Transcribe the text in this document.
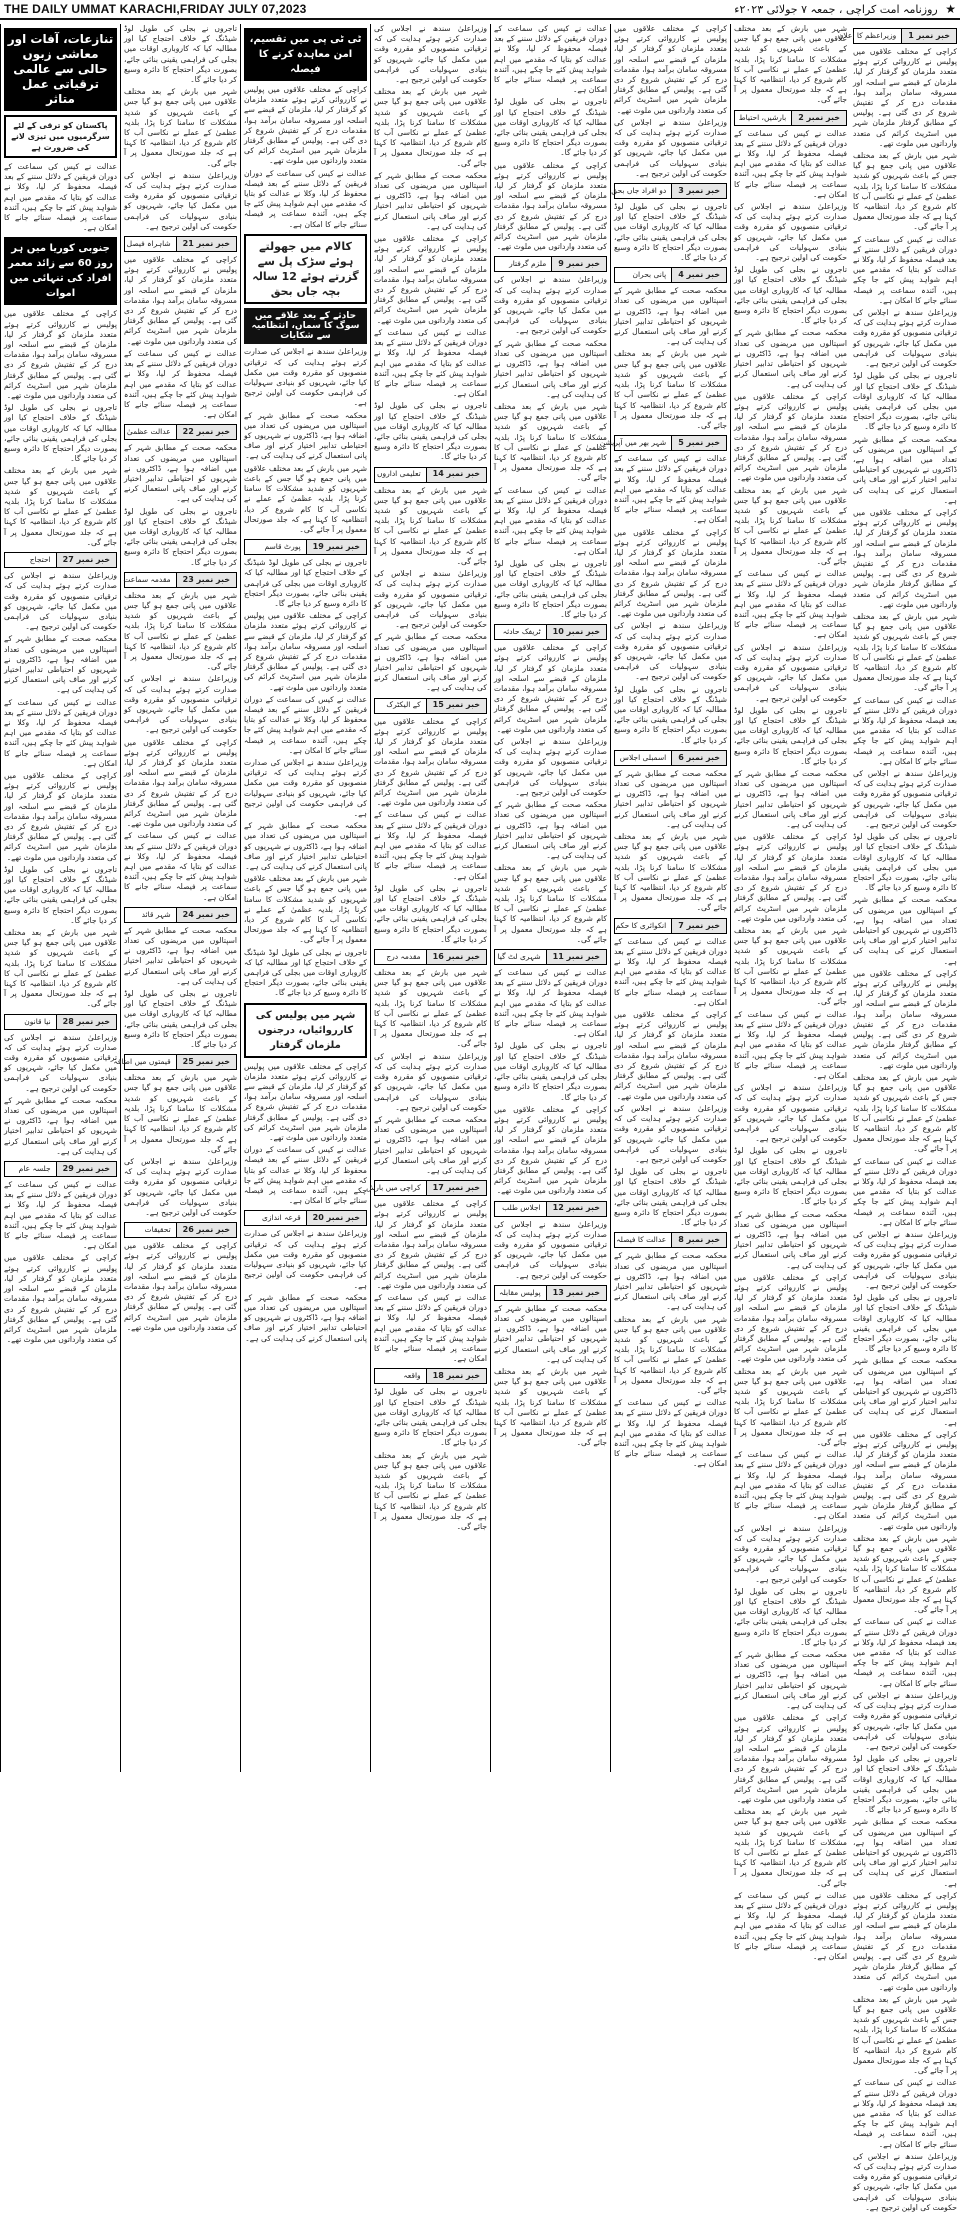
THE DAILY UMMAT KARACHI,FRIDAY JULY 07,2023	★ روزنامہ امت کراچی ، جمعہ ۷ جولائی ۲۰۲۳ء
خبر نمبر 1
وزیراعظم کا اعلان

کراچی کے مختلف علاقوں میں پولیس نے کارروائی کرتے ہوئے متعدد ملزمان کو گرفتار کر لیا، ملزمان کے قبضے سے اسلحہ اور مسروقہ سامان برآمد ہوا، مقدمات درج کر کے تفتیش شروع کر دی گئی ہے۔ پولیس کے مطابق گرفتار ملزمان شہر میں اسٹریٹ کرائم کی متعدد وارداتوں میں ملوث تھے۔

شہر میں بارش کے بعد مختلف علاقوں میں پانی جمع ہو گیا جس کے باعث شہریوں کو شدید مشکلات کا سامنا کرنا پڑا، بلدیہ عظمیٰ کے عملے نے نکاسی آب کا کام شروع کر دیا، انتظامیہ کا کہنا ہے کہ جلد صورتحال معمول پر آ جائے گی۔

عدالت نے کیس کی سماعت کے دوران فریقین کے دلائل سننے کے بعد فیصلہ محفوظ کر لیا، وکلا نے عدالت کو بتایا کہ مقدمے میں اہم شواہد پیش کئے جا چکے ہیں، آئندہ سماعت پر فیصلہ سنائے جانے کا امکان ہے۔

وزیراعلیٰ سندھ نے اجلاس کی صدارت کرتے ہوئے ہدایت کی کہ ترقیاتی منصوبوں کو مقررہ وقت میں مکمل کیا جائے، شہریوں کو بنیادی سہولیات کی فراہمی حکومت کی اولین ترجیح ہے۔

تاجروں نے بجلی کی طویل لوڈ شیڈنگ کے خلاف احتجاج کیا اور مطالبہ کیا کہ کاروباری اوقات میں بجلی کی فراہمی یقینی بنائی جائے، بصورت دیگر احتجاج کا دائرہ وسیع کر دیا جائے گا۔

محکمہ صحت کے مطابق شہر کے اسپتالوں میں مریضوں کی تعداد میں اضافہ ہوا ہے، ڈاکٹروں نے شہریوں کو احتیاطی تدابیر اختیار کرنے اور صاف پانی استعمال کرنے کی ہدایت کی ہے۔

کراچی کے مختلف علاقوں میں پولیس نے کارروائی کرتے ہوئے متعدد ملزمان کو گرفتار کر لیا، ملزمان کے قبضے سے اسلحہ اور مسروقہ سامان برآمد ہوا، مقدمات درج کر کے تفتیش شروع کر دی گئی ہے۔ پولیس کے مطابق گرفتار ملزمان شہر میں اسٹریٹ کرائم کی متعدد وارداتوں میں ملوث تھے۔

شہر میں بارش کے بعد مختلف علاقوں میں پانی جمع ہو گیا جس کے باعث شہریوں کو شدید مشکلات کا سامنا کرنا پڑا، بلدیہ عظمیٰ کے عملے نے نکاسی آب کا کام شروع کر دیا، انتظامیہ کا کہنا ہے کہ جلد صورتحال معمول پر آ جائے گی۔

عدالت نے کیس کی سماعت کے دوران فریقین کے دلائل سننے کے بعد فیصلہ محفوظ کر لیا، وکلا نے عدالت کو بتایا کہ مقدمے میں اہم شواہد پیش کئے جا چکے ہیں، آئندہ سماعت پر فیصلہ سنائے جانے کا امکان ہے۔

وزیراعلیٰ سندھ نے اجلاس کی صدارت کرتے ہوئے ہدایت کی کہ ترقیاتی منصوبوں کو مقررہ وقت میں مکمل کیا جائے، شہریوں کو بنیادی سہولیات کی فراہمی حکومت کی اولین ترجیح ہے۔

تاجروں نے بجلی کی طویل لوڈ شیڈنگ کے خلاف احتجاج کیا اور مطالبہ کیا کہ کاروباری اوقات میں بجلی کی فراہمی یقینی بنائی جائے، بصورت دیگر احتجاج کا دائرہ وسیع کر دیا جائے گا۔

محکمہ صحت کے مطابق شہر کے اسپتالوں میں مریضوں کی تعداد میں اضافہ ہوا ہے، ڈاکٹروں نے شہریوں کو احتیاطی تدابیر اختیار کرنے اور صاف پانی استعمال کرنے کی ہدایت کی ہے۔

کراچی کے مختلف علاقوں میں پولیس نے کارروائی کرتے ہوئے متعدد ملزمان کو گرفتار کر لیا، ملزمان کے قبضے سے اسلحہ اور مسروقہ سامان برآمد ہوا، مقدمات درج کر کے تفتیش شروع کر دی گئی ہے۔ پولیس کے مطابق گرفتار ملزمان شہر میں اسٹریٹ کرائم کی متعدد وارداتوں میں ملوث تھے۔

شہر میں بارش کے بعد مختلف علاقوں میں پانی جمع ہو گیا جس کے باعث شہریوں کو شدید مشکلات کا سامنا کرنا پڑا، بلدیہ عظمیٰ کے عملے نے نکاسی آب کا کام شروع کر دیا، انتظامیہ کا کہنا ہے کہ جلد صورتحال معمول پر آ جائے گی۔

عدالت نے کیس کی سماعت کے دوران فریقین کے دلائل سننے کے بعد فیصلہ محفوظ کر لیا، وکلا نے عدالت کو بتایا کہ مقدمے میں اہم شواہد پیش کئے جا چکے ہیں، آئندہ سماعت پر فیصلہ سنائے جانے کا امکان ہے۔

وزیراعلیٰ سندھ نے اجلاس کی صدارت کرتے ہوئے ہدایت کی کہ ترقیاتی منصوبوں کو مقررہ وقت میں مکمل کیا جائے، شہریوں کو بنیادی سہولیات کی فراہمی حکومت کی اولین ترجیح ہے۔

تاجروں نے بجلی کی طویل لوڈ شیڈنگ کے خلاف احتجاج کیا اور مطالبہ کیا کہ کاروباری اوقات میں بجلی کی فراہمی یقینی بنائی جائے، بصورت دیگر احتجاج کا دائرہ وسیع کر دیا جائے گا۔

محکمہ صحت کے مطابق شہر کے اسپتالوں میں مریضوں کی تعداد میں اضافہ ہوا ہے، ڈاکٹروں نے شہریوں کو احتیاطی تدابیر اختیار کرنے اور صاف پانی استعمال کرنے کی ہدایت کی ہے۔

کراچی کے مختلف علاقوں میں پولیس نے کارروائی کرتے ہوئے متعدد ملزمان کو گرفتار کر لیا، ملزمان کے قبضے سے اسلحہ اور مسروقہ سامان برآمد ہوا، مقدمات درج کر کے تفتیش شروع کر دی گئی ہے۔ پولیس کے مطابق گرفتار ملزمان شہر میں اسٹریٹ کرائم کی متعدد وارداتوں میں ملوث تھے۔

شہر میں بارش کے بعد مختلف علاقوں میں پانی جمع ہو گیا جس کے باعث شہریوں کو شدید مشکلات کا سامنا کرنا پڑا، بلدیہ عظمیٰ کے عملے نے نکاسی آب کا کام شروع کر دیا، انتظامیہ کا کہنا ہے کہ جلد صورتحال معمول پر آ جائے گی۔

عدالت نے کیس کی سماعت کے دوران فریقین کے دلائل سننے کے بعد فیصلہ محفوظ کر لیا، وکلا نے عدالت کو بتایا کہ مقدمے میں اہم شواہد پیش کئے جا چکے ہیں، آئندہ سماعت پر فیصلہ سنائے جانے کا امکان ہے۔

وزیراعلیٰ سندھ نے اجلاس کی صدارت کرتے ہوئے ہدایت کی کہ ترقیاتی منصوبوں کو مقررہ وقت میں مکمل کیا جائے، شہریوں کو بنیادی سہولیات کی فراہمی حکومت کی اولین ترجیح ہے۔

تاجروں نے بجلی کی طویل لوڈ شیڈنگ کے خلاف احتجاج کیا اور مطالبہ کیا کہ کاروباری اوقات میں بجلی کی فراہمی یقینی بنائی جائے، بصورت دیگر احتجاج کا دائرہ وسیع کر دیا جائے گا۔

محکمہ صحت کے مطابق شہر کے اسپتالوں میں مریضوں کی تعداد میں اضافہ ہوا ہے، ڈاکٹروں نے شہریوں کو احتیاطی تدابیر اختیار کرنے اور صاف پانی استعمال کرنے کی ہدایت کی ہے۔

کراچی کے مختلف علاقوں میں پولیس نے کارروائی کرتے ہوئے متعدد ملزمان کو گرفتار کر لیا، ملزمان کے قبضے سے اسلحہ اور مسروقہ سامان برآمد ہوا، مقدمات درج کر کے تفتیش شروع کر دی گئی ہے۔ پولیس کے مطابق گرفتار ملزمان شہر میں اسٹریٹ کرائم کی متعدد وارداتوں میں ملوث تھے۔

شہر میں بارش کے بعد مختلف علاقوں میں پانی جمع ہو گیا جس کے باعث شہریوں کو شدید مشکلات کا سامنا کرنا پڑا، بلدیہ عظمیٰ کے عملے نے نکاسی آب کا کام شروع کر دیا، انتظامیہ کا کہنا ہے کہ جلد صورتحال معمول پر آ جائے گی۔

عدالت نے کیس کی سماعت کے دوران فریقین کے دلائل سننے کے بعد فیصلہ محفوظ کر لیا، وکلا نے عدالت کو بتایا کہ مقدمے میں اہم شواہد پیش کئے جا چکے ہیں، آئندہ سماعت پر فیصلہ سنائے جانے کا امکان ہے۔

وزیراعلیٰ سندھ نے اجلاس کی صدارت کرتے ہوئے ہدایت کی کہ ترقیاتی منصوبوں کو مقررہ وقت میں مکمل کیا جائے، شہریوں کو بنیادی سہولیات کی فراہمی حکومت کی اولین ترجیح ہے۔

شہر میں بارش کے بعد مختلف علاقوں میں پانی جمع ہو گیا جس کے باعث شہریوں کو شدید مشکلات کا سامنا کرنا پڑا، بلدیہ عظمیٰ کے عملے نے نکاسی آب کا کام شروع کر دیا، انتظامیہ کا کہنا ہے کہ جلد صورتحال معمول پر آ جائے گی۔

خبر نمبر 2
بارشیں، احتیاط

عدالت نے کیس کی سماعت کے دوران فریقین کے دلائل سننے کے بعد فیصلہ محفوظ کر لیا، وکلا نے عدالت کو بتایا کہ مقدمے میں اہم شواہد پیش کئے جا چکے ہیں، آئندہ سماعت پر فیصلہ سنائے جانے کا امکان ہے۔

وزیراعلیٰ سندھ نے اجلاس کی صدارت کرتے ہوئے ہدایت کی کہ ترقیاتی منصوبوں کو مقررہ وقت میں مکمل کیا جائے، شہریوں کو بنیادی سہولیات کی فراہمی حکومت کی اولین ترجیح ہے۔

تاجروں نے بجلی کی طویل لوڈ شیڈنگ کے خلاف احتجاج کیا اور مطالبہ کیا کہ کاروباری اوقات میں بجلی کی فراہمی یقینی بنائی جائے، بصورت دیگر احتجاج کا دائرہ وسیع کر دیا جائے گا۔

محکمہ صحت کے مطابق شہر کے اسپتالوں میں مریضوں کی تعداد میں اضافہ ہوا ہے، ڈاکٹروں نے شہریوں کو احتیاطی تدابیر اختیار کرنے اور صاف پانی استعمال کرنے کی ہدایت کی ہے۔

کراچی کے مختلف علاقوں میں پولیس نے کارروائی کرتے ہوئے متعدد ملزمان کو گرفتار کر لیا، ملزمان کے قبضے سے اسلحہ اور مسروقہ سامان برآمد ہوا، مقدمات درج کر کے تفتیش شروع کر دی گئی ہے۔ پولیس کے مطابق گرفتار ملزمان شہر میں اسٹریٹ کرائم کی متعدد وارداتوں میں ملوث تھے۔

شہر میں بارش کے بعد مختلف علاقوں میں پانی جمع ہو گیا جس کے باعث شہریوں کو شدید مشکلات کا سامنا کرنا پڑا، بلدیہ عظمیٰ کے عملے نے نکاسی آب کا کام شروع کر دیا، انتظامیہ کا کہنا ہے کہ جلد صورتحال معمول پر آ جائے گی۔

عدالت نے کیس کی سماعت کے دوران فریقین کے دلائل سننے کے بعد فیصلہ محفوظ کر لیا، وکلا نے عدالت کو بتایا کہ مقدمے میں اہم شواہد پیش کئے جا چکے ہیں، آئندہ سماعت پر فیصلہ سنائے جانے کا امکان ہے۔

وزیراعلیٰ سندھ نے اجلاس کی صدارت کرتے ہوئے ہدایت کی کہ ترقیاتی منصوبوں کو مقررہ وقت میں مکمل کیا جائے، شہریوں کو بنیادی سہولیات کی فراہمی حکومت کی اولین ترجیح ہے۔

تاجروں نے بجلی کی طویل لوڈ شیڈنگ کے خلاف احتجاج کیا اور مطالبہ کیا کہ کاروباری اوقات میں بجلی کی فراہمی یقینی بنائی جائے، بصورت دیگر احتجاج کا دائرہ وسیع کر دیا جائے گا۔

محکمہ صحت کے مطابق شہر کے اسپتالوں میں مریضوں کی تعداد میں اضافہ ہوا ہے، ڈاکٹروں نے شہریوں کو احتیاطی تدابیر اختیار کرنے اور صاف پانی استعمال کرنے کی ہدایت کی ہے۔

کراچی کے مختلف علاقوں میں پولیس نے کارروائی کرتے ہوئے متعدد ملزمان کو گرفتار کر لیا، ملزمان کے قبضے سے اسلحہ اور مسروقہ سامان برآمد ہوا، مقدمات درج کر کے تفتیش شروع کر دی گئی ہے۔ پولیس کے مطابق گرفتار ملزمان شہر میں اسٹریٹ کرائم کی متعدد وارداتوں میں ملوث تھے۔

شہر میں بارش کے بعد مختلف علاقوں میں پانی جمع ہو گیا جس کے باعث شہریوں کو شدید مشکلات کا سامنا کرنا پڑا، بلدیہ عظمیٰ کے عملے نے نکاسی آب کا کام شروع کر دیا، انتظامیہ کا کہنا ہے کہ جلد صورتحال معمول پر آ جائے گی۔

عدالت نے کیس کی سماعت کے دوران فریقین کے دلائل سننے کے بعد فیصلہ محفوظ کر لیا، وکلا نے عدالت کو بتایا کہ مقدمے میں اہم شواہد پیش کئے جا چکے ہیں، آئندہ سماعت پر فیصلہ سنائے جانے کا امکان ہے۔

وزیراعلیٰ سندھ نے اجلاس کی صدارت کرتے ہوئے ہدایت کی کہ ترقیاتی منصوبوں کو مقررہ وقت میں مکمل کیا جائے، شہریوں کو بنیادی سہولیات کی فراہمی حکومت کی اولین ترجیح ہے۔

تاجروں نے بجلی کی طویل لوڈ شیڈنگ کے خلاف احتجاج کیا اور مطالبہ کیا کہ کاروباری اوقات میں بجلی کی فراہمی یقینی بنائی جائے، بصورت دیگر احتجاج کا دائرہ وسیع کر دیا جائے گا۔

محکمہ صحت کے مطابق شہر کے اسپتالوں میں مریضوں کی تعداد میں اضافہ ہوا ہے، ڈاکٹروں نے شہریوں کو احتیاطی تدابیر اختیار کرنے اور صاف پانی استعمال کرنے کی ہدایت کی ہے۔

کراچی کے مختلف علاقوں میں پولیس نے کارروائی کرتے ہوئے متعدد ملزمان کو گرفتار کر لیا، ملزمان کے قبضے سے اسلحہ اور مسروقہ سامان برآمد ہوا، مقدمات درج کر کے تفتیش شروع کر دی گئی ہے۔ پولیس کے مطابق گرفتار ملزمان شہر میں اسٹریٹ کرائم کی متعدد وارداتوں میں ملوث تھے۔

شہر میں بارش کے بعد مختلف علاقوں میں پانی جمع ہو گیا جس کے باعث شہریوں کو شدید مشکلات کا سامنا کرنا پڑا، بلدیہ عظمیٰ کے عملے نے نکاسی آب کا کام شروع کر دیا، انتظامیہ کا کہنا ہے کہ جلد صورتحال معمول پر آ جائے گی۔

عدالت نے کیس کی سماعت کے دوران فریقین کے دلائل سننے کے بعد فیصلہ محفوظ کر لیا، وکلا نے عدالت کو بتایا کہ مقدمے میں اہم شواہد پیش کئے جا چکے ہیں، آئندہ سماعت پر فیصلہ سنائے جانے کا امکان ہے۔

وزیراعلیٰ سندھ نے اجلاس کی صدارت کرتے ہوئے ہدایت کی کہ ترقیاتی منصوبوں کو مقررہ وقت میں مکمل کیا جائے، شہریوں کو بنیادی سہولیات کی فراہمی حکومت کی اولین ترجیح ہے۔

تاجروں نے بجلی کی طویل لوڈ شیڈنگ کے خلاف احتجاج کیا اور مطالبہ کیا کہ کاروباری اوقات میں بجلی کی فراہمی یقینی بنائی جائے، بصورت دیگر احتجاج کا دائرہ وسیع کر دیا جائے گا۔

محکمہ صحت کے مطابق شہر کے اسپتالوں میں مریضوں کی تعداد میں اضافہ ہوا ہے، ڈاکٹروں نے شہریوں کو احتیاطی تدابیر اختیار کرنے اور صاف پانی استعمال کرنے کی ہدایت کی ہے۔

کراچی کے مختلف علاقوں میں پولیس نے کارروائی کرتے ہوئے متعدد ملزمان کو گرفتار کر لیا، ملزمان کے قبضے سے اسلحہ اور مسروقہ سامان برآمد ہوا، مقدمات درج کر کے تفتیش شروع کر دی گئی ہے۔ پولیس کے مطابق گرفتار ملزمان شہر میں اسٹریٹ کرائم کی متعدد وارداتوں میں ملوث تھے۔

شہر میں بارش کے بعد مختلف علاقوں میں پانی جمع ہو گیا جس کے باعث شہریوں کو شدید مشکلات کا سامنا کرنا پڑا، بلدیہ عظمیٰ کے عملے نے نکاسی آب کا کام شروع کر دیا، انتظامیہ کا کہنا ہے کہ جلد صورتحال معمول پر آ جائے گی۔

عدالت نے کیس کی سماعت کے دوران فریقین کے دلائل سننے کے بعد فیصلہ محفوظ کر لیا، وکلا نے عدالت کو بتایا کہ مقدمے میں اہم شواہد پیش کئے جا چکے ہیں، آئندہ سماعت پر فیصلہ سنائے جانے کا امکان ہے۔

کراچی کے مختلف علاقوں میں پولیس نے کارروائی کرتے ہوئے متعدد ملزمان کو گرفتار کر لیا، ملزمان کے قبضے سے اسلحہ اور مسروقہ سامان برآمد ہوا، مقدمات درج کر کے تفتیش شروع کر دی گئی ہے۔ پولیس کے مطابق گرفتار ملزمان شہر میں اسٹریٹ کرائم کی متعدد وارداتوں میں ملوث تھے۔

وزیراعلیٰ سندھ نے اجلاس کی صدارت کرتے ہوئے ہدایت کی کہ ترقیاتی منصوبوں کو مقررہ وقت میں مکمل کیا جائے، شہریوں کو بنیادی سہولیات کی فراہمی حکومت کی اولین ترجیح ہے۔

خبر نمبر 3
دو افراد جاں بحق

تاجروں نے بجلی کی طویل لوڈ شیڈنگ کے خلاف احتجاج کیا اور مطالبہ کیا کہ کاروباری اوقات میں بجلی کی فراہمی یقینی بنائی جائے، بصورت دیگر احتجاج کا دائرہ وسیع کر دیا جائے گا۔

خبر نمبر 4
پانی بحران

محکمہ صحت کے مطابق شہر کے اسپتالوں میں مریضوں کی تعداد میں اضافہ ہوا ہے، ڈاکٹروں نے شہریوں کو احتیاطی تدابیر اختیار کرنے اور صاف پانی استعمال کرنے کی ہدایت کی ہے۔

شہر میں بارش کے بعد مختلف علاقوں میں پانی جمع ہو گیا جس کے باعث شہریوں کو شدید مشکلات کا سامنا کرنا پڑا، بلدیہ عظمیٰ کے عملے نے نکاسی آب کا کام شروع کر دیا، انتظامیہ کا کہنا ہے کہ جلد صورتحال معمول پر آ جائے گی۔

خبر نمبر 5
شہر بھر میں آپریشن

عدالت نے کیس کی سماعت کے دوران فریقین کے دلائل سننے کے بعد فیصلہ محفوظ کر لیا، وکلا نے عدالت کو بتایا کہ مقدمے میں اہم شواہد پیش کئے جا چکے ہیں، آئندہ سماعت پر فیصلہ سنائے جانے کا امکان ہے۔

کراچی کے مختلف علاقوں میں پولیس نے کارروائی کرتے ہوئے متعدد ملزمان کو گرفتار کر لیا، ملزمان کے قبضے سے اسلحہ اور مسروقہ سامان برآمد ہوا، مقدمات درج کر کے تفتیش شروع کر دی گئی ہے۔ پولیس کے مطابق گرفتار ملزمان شہر میں اسٹریٹ کرائم کی متعدد وارداتوں میں ملوث تھے۔

وزیراعلیٰ سندھ نے اجلاس کی صدارت کرتے ہوئے ہدایت کی کہ ترقیاتی منصوبوں کو مقررہ وقت میں مکمل کیا جائے، شہریوں کو بنیادی سہولیات کی فراہمی حکومت کی اولین ترجیح ہے۔

تاجروں نے بجلی کی طویل لوڈ شیڈنگ کے خلاف احتجاج کیا اور مطالبہ کیا کہ کاروباری اوقات میں بجلی کی فراہمی یقینی بنائی جائے، بصورت دیگر احتجاج کا دائرہ وسیع کر دیا جائے گا۔

خبر نمبر 6
اسمبلی اجلاس

محکمہ صحت کے مطابق شہر کے اسپتالوں میں مریضوں کی تعداد میں اضافہ ہوا ہے، ڈاکٹروں نے شہریوں کو احتیاطی تدابیر اختیار کرنے اور صاف پانی استعمال کرنے کی ہدایت کی ہے۔

شہر میں بارش کے بعد مختلف علاقوں میں پانی جمع ہو گیا جس کے باعث شہریوں کو شدید مشکلات کا سامنا کرنا پڑا، بلدیہ عظمیٰ کے عملے نے نکاسی آب کا کام شروع کر دیا، انتظامیہ کا کہنا ہے کہ جلد صورتحال معمول پر آ جائے گی۔

خبر نمبر 7
انکوائری کا حکم

عدالت نے کیس کی سماعت کے دوران فریقین کے دلائل سننے کے بعد فیصلہ محفوظ کر لیا، وکلا نے عدالت کو بتایا کہ مقدمے میں اہم شواہد پیش کئے جا چکے ہیں، آئندہ سماعت پر فیصلہ سنائے جانے کا امکان ہے۔

کراچی کے مختلف علاقوں میں پولیس نے کارروائی کرتے ہوئے متعدد ملزمان کو گرفتار کر لیا، ملزمان کے قبضے سے اسلحہ اور مسروقہ سامان برآمد ہوا، مقدمات درج کر کے تفتیش شروع کر دی گئی ہے۔ پولیس کے مطابق گرفتار ملزمان شہر میں اسٹریٹ کرائم کی متعدد وارداتوں میں ملوث تھے۔

وزیراعلیٰ سندھ نے اجلاس کی صدارت کرتے ہوئے ہدایت کی کہ ترقیاتی منصوبوں کو مقررہ وقت میں مکمل کیا جائے، شہریوں کو بنیادی سہولیات کی فراہمی حکومت کی اولین ترجیح ہے۔

تاجروں نے بجلی کی طویل لوڈ شیڈنگ کے خلاف احتجاج کیا اور مطالبہ کیا کہ کاروباری اوقات میں بجلی کی فراہمی یقینی بنائی جائے، بصورت دیگر احتجاج کا دائرہ وسیع کر دیا جائے گا۔

خبر نمبر 8
عدالت کا فیصلہ

محکمہ صحت کے مطابق شہر کے اسپتالوں میں مریضوں کی تعداد میں اضافہ ہوا ہے، ڈاکٹروں نے شہریوں کو احتیاطی تدابیر اختیار کرنے اور صاف پانی استعمال کرنے کی ہدایت کی ہے۔

شہر میں بارش کے بعد مختلف علاقوں میں پانی جمع ہو گیا جس کے باعث شہریوں کو شدید مشکلات کا سامنا کرنا پڑا، بلدیہ عظمیٰ کے عملے نے نکاسی آب کا کام شروع کر دیا، انتظامیہ کا کہنا ہے کہ جلد صورتحال معمول پر آ جائے گی۔

عدالت نے کیس کی سماعت کے دوران فریقین کے دلائل سننے کے بعد فیصلہ محفوظ کر لیا، وکلا نے عدالت کو بتایا کہ مقدمے میں اہم شواہد پیش کئے جا چکے ہیں، آئندہ سماعت پر فیصلہ سنائے جانے کا امکان ہے۔

عدالت نے کیس کی سماعت کے دوران فریقین کے دلائل سننے کے بعد فیصلہ محفوظ کر لیا، وکلا نے عدالت کو بتایا کہ مقدمے میں اہم شواہد پیش کئے جا چکے ہیں، آئندہ سماعت پر فیصلہ سنائے جانے کا امکان ہے۔

تاجروں نے بجلی کی طویل لوڈ شیڈنگ کے خلاف احتجاج کیا اور مطالبہ کیا کہ کاروباری اوقات میں بجلی کی فراہمی یقینی بنائی جائے، بصورت دیگر احتجاج کا دائرہ وسیع کر دیا جائے گا۔

کراچی کے مختلف علاقوں میں پولیس نے کارروائی کرتے ہوئے متعدد ملزمان کو گرفتار کر لیا، ملزمان کے قبضے سے اسلحہ اور مسروقہ سامان برآمد ہوا، مقدمات درج کر کے تفتیش شروع کر دی گئی ہے۔ پولیس کے مطابق گرفتار ملزمان شہر میں اسٹریٹ کرائم کی متعدد وارداتوں میں ملوث تھے۔

خبر نمبر 9
ملزم گرفتار

وزیراعلیٰ سندھ نے اجلاس کی صدارت کرتے ہوئے ہدایت کی کہ ترقیاتی منصوبوں کو مقررہ وقت میں مکمل کیا جائے، شہریوں کو بنیادی سہولیات کی فراہمی حکومت کی اولین ترجیح ہے۔

محکمہ صحت کے مطابق شہر کے اسپتالوں میں مریضوں کی تعداد میں اضافہ ہوا ہے، ڈاکٹروں نے شہریوں کو احتیاطی تدابیر اختیار کرنے اور صاف پانی استعمال کرنے کی ہدایت کی ہے۔

شہر میں بارش کے بعد مختلف علاقوں میں پانی جمع ہو گیا جس کے باعث شہریوں کو شدید مشکلات کا سامنا کرنا پڑا، بلدیہ عظمیٰ کے عملے نے نکاسی آب کا کام شروع کر دیا، انتظامیہ کا کہنا ہے کہ جلد صورتحال معمول پر آ جائے گی۔

عدالت نے کیس کی سماعت کے دوران فریقین کے دلائل سننے کے بعد فیصلہ محفوظ کر لیا، وکلا نے عدالت کو بتایا کہ مقدمے میں اہم شواہد پیش کئے جا چکے ہیں، آئندہ سماعت پر فیصلہ سنائے جانے کا امکان ہے۔

تاجروں نے بجلی کی طویل لوڈ شیڈنگ کے خلاف احتجاج کیا اور مطالبہ کیا کہ کاروباری اوقات میں بجلی کی فراہمی یقینی بنائی جائے، بصورت دیگر احتجاج کا دائرہ وسیع کر دیا جائے گا۔

خبر نمبر 10
ٹریفک حادثہ

کراچی کے مختلف علاقوں میں پولیس نے کارروائی کرتے ہوئے متعدد ملزمان کو گرفتار کر لیا، ملزمان کے قبضے سے اسلحہ اور مسروقہ سامان برآمد ہوا، مقدمات درج کر کے تفتیش شروع کر دی گئی ہے۔ پولیس کے مطابق گرفتار ملزمان شہر میں اسٹریٹ کرائم کی متعدد وارداتوں میں ملوث تھے۔

وزیراعلیٰ سندھ نے اجلاس کی صدارت کرتے ہوئے ہدایت کی کہ ترقیاتی منصوبوں کو مقررہ وقت میں مکمل کیا جائے، شہریوں کو بنیادی سہولیات کی فراہمی حکومت کی اولین ترجیح ہے۔

محکمہ صحت کے مطابق شہر کے اسپتالوں میں مریضوں کی تعداد میں اضافہ ہوا ہے، ڈاکٹروں نے شہریوں کو احتیاطی تدابیر اختیار کرنے اور صاف پانی استعمال کرنے کی ہدایت کی ہے۔

شہر میں بارش کے بعد مختلف علاقوں میں پانی جمع ہو گیا جس کے باعث شہریوں کو شدید مشکلات کا سامنا کرنا پڑا، بلدیہ عظمیٰ کے عملے نے نکاسی آب کا کام شروع کر دیا، انتظامیہ کا کہنا ہے کہ جلد صورتحال معمول پر آ جائے گی۔

خبر نمبر 11
شہری لٹ گیا

عدالت نے کیس کی سماعت کے دوران فریقین کے دلائل سننے کے بعد فیصلہ محفوظ کر لیا، وکلا نے عدالت کو بتایا کہ مقدمے میں اہم شواہد پیش کئے جا چکے ہیں، آئندہ سماعت پر فیصلہ سنائے جانے کا امکان ہے۔

تاجروں نے بجلی کی طویل لوڈ شیڈنگ کے خلاف احتجاج کیا اور مطالبہ کیا کہ کاروباری اوقات میں بجلی کی فراہمی یقینی بنائی جائے، بصورت دیگر احتجاج کا دائرہ وسیع کر دیا جائے گا۔

کراچی کے مختلف علاقوں میں پولیس نے کارروائی کرتے ہوئے متعدد ملزمان کو گرفتار کر لیا، ملزمان کے قبضے سے اسلحہ اور مسروقہ سامان برآمد ہوا، مقدمات درج کر کے تفتیش شروع کر دی گئی ہے۔ پولیس کے مطابق گرفتار ملزمان شہر میں اسٹریٹ کرائم کی متعدد وارداتوں میں ملوث تھے۔

خبر نمبر 12
اجلاس طلب

وزیراعلیٰ سندھ نے اجلاس کی صدارت کرتے ہوئے ہدایت کی کہ ترقیاتی منصوبوں کو مقررہ وقت میں مکمل کیا جائے، شہریوں کو بنیادی سہولیات کی فراہمی حکومت کی اولین ترجیح ہے۔

خبر نمبر 13
پولیس مقابلہ

محکمہ صحت کے مطابق شہر کے اسپتالوں میں مریضوں کی تعداد میں اضافہ ہوا ہے، ڈاکٹروں نے شہریوں کو احتیاطی تدابیر اختیار کرنے اور صاف پانی استعمال کرنے کی ہدایت کی ہے۔

شہر میں بارش کے بعد مختلف علاقوں میں پانی جمع ہو گیا جس کے باعث شہریوں کو شدید مشکلات کا سامنا کرنا پڑا، بلدیہ عظمیٰ کے عملے نے نکاسی آب کا کام شروع کر دیا، انتظامیہ کا کہنا ہے کہ جلد صورتحال معمول پر آ جائے گی۔

وزیراعلیٰ سندھ نے اجلاس کی صدارت کرتے ہوئے ہدایت کی کہ ترقیاتی منصوبوں کو مقررہ وقت میں مکمل کیا جائے، شہریوں کو بنیادی سہولیات کی فراہمی حکومت کی اولین ترجیح ہے۔

شہر میں بارش کے بعد مختلف علاقوں میں پانی جمع ہو گیا جس کے باعث شہریوں کو شدید مشکلات کا سامنا کرنا پڑا، بلدیہ عظمیٰ کے عملے نے نکاسی آب کا کام شروع کر دیا، انتظامیہ کا کہنا ہے کہ جلد صورتحال معمول پر آ جائے گی۔

محکمہ صحت کے مطابق شہر کے اسپتالوں میں مریضوں کی تعداد میں اضافہ ہوا ہے، ڈاکٹروں نے شہریوں کو احتیاطی تدابیر اختیار کرنے اور صاف پانی استعمال کرنے کی ہدایت کی ہے۔

کراچی کے مختلف علاقوں میں پولیس نے کارروائی کرتے ہوئے متعدد ملزمان کو گرفتار کر لیا، ملزمان کے قبضے سے اسلحہ اور مسروقہ سامان برآمد ہوا، مقدمات درج کر کے تفتیش شروع کر دی گئی ہے۔ پولیس کے مطابق گرفتار ملزمان شہر میں اسٹریٹ کرائم کی متعدد وارداتوں میں ملوث تھے۔

عدالت نے کیس کی سماعت کے دوران فریقین کے دلائل سننے کے بعد فیصلہ محفوظ کر لیا، وکلا نے عدالت کو بتایا کہ مقدمے میں اہم شواہد پیش کئے جا چکے ہیں، آئندہ سماعت پر فیصلہ سنائے جانے کا امکان ہے۔

تاجروں نے بجلی کی طویل لوڈ شیڈنگ کے خلاف احتجاج کیا اور مطالبہ کیا کہ کاروباری اوقات میں بجلی کی فراہمی یقینی بنائی جائے، بصورت دیگر احتجاج کا دائرہ وسیع کر دیا جائے گا۔

خبر نمبر 14
تعلیمی اداروں

شہر میں بارش کے بعد مختلف علاقوں میں پانی جمع ہو گیا جس کے باعث شہریوں کو شدید مشکلات کا سامنا کرنا پڑا، بلدیہ عظمیٰ کے عملے نے نکاسی آب کا کام شروع کر دیا، انتظامیہ کا کہنا ہے کہ جلد صورتحال معمول پر آ جائے گی۔

وزیراعلیٰ سندھ نے اجلاس کی صدارت کرتے ہوئے ہدایت کی کہ ترقیاتی منصوبوں کو مقررہ وقت میں مکمل کیا جائے، شہریوں کو بنیادی سہولیات کی فراہمی حکومت کی اولین ترجیح ہے۔

محکمہ صحت کے مطابق شہر کے اسپتالوں میں مریضوں کی تعداد میں اضافہ ہوا ہے، ڈاکٹروں نے شہریوں کو احتیاطی تدابیر اختیار کرنے اور صاف پانی استعمال کرنے کی ہدایت کی ہے۔

خبر نمبر 15
کے الیکٹرک

کراچی کے مختلف علاقوں میں پولیس نے کارروائی کرتے ہوئے متعدد ملزمان کو گرفتار کر لیا، ملزمان کے قبضے سے اسلحہ اور مسروقہ سامان برآمد ہوا، مقدمات درج کر کے تفتیش شروع کر دی گئی ہے۔ پولیس کے مطابق گرفتار ملزمان شہر میں اسٹریٹ کرائم کی متعدد وارداتوں میں ملوث تھے۔

عدالت نے کیس کی سماعت کے دوران فریقین کے دلائل سننے کے بعد فیصلہ محفوظ کر لیا، وکلا نے عدالت کو بتایا کہ مقدمے میں اہم شواہد پیش کئے جا چکے ہیں، آئندہ سماعت پر فیصلہ سنائے جانے کا امکان ہے۔

تاجروں نے بجلی کی طویل لوڈ شیڈنگ کے خلاف احتجاج کیا اور مطالبہ کیا کہ کاروباری اوقات میں بجلی کی فراہمی یقینی بنائی جائے، بصورت دیگر احتجاج کا دائرہ وسیع کر دیا جائے گا۔

خبر نمبر 16
مقدمہ درج

شہر میں بارش کے بعد مختلف علاقوں میں پانی جمع ہو گیا جس کے باعث شہریوں کو شدید مشکلات کا سامنا کرنا پڑا، بلدیہ عظمیٰ کے عملے نے نکاسی آب کا کام شروع کر دیا، انتظامیہ کا کہنا ہے کہ جلد صورتحال معمول پر آ جائے گی۔

وزیراعلیٰ سندھ نے اجلاس کی صدارت کرتے ہوئے ہدایت کی کہ ترقیاتی منصوبوں کو مقررہ وقت میں مکمل کیا جائے، شہریوں کو بنیادی سہولیات کی فراہمی حکومت کی اولین ترجیح ہے۔

محکمہ صحت کے مطابق شہر کے اسپتالوں میں مریضوں کی تعداد میں اضافہ ہوا ہے، ڈاکٹروں نے شہریوں کو احتیاطی تدابیر اختیار کرنے اور صاف پانی استعمال کرنے کی ہدایت کی ہے۔

خبر نمبر 17
کراچی میں بارش

کراچی کے مختلف علاقوں میں پولیس نے کارروائی کرتے ہوئے متعدد ملزمان کو گرفتار کر لیا، ملزمان کے قبضے سے اسلحہ اور مسروقہ سامان برآمد ہوا، مقدمات درج کر کے تفتیش شروع کر دی گئی ہے۔ پولیس کے مطابق گرفتار ملزمان شہر میں اسٹریٹ کرائم کی متعدد وارداتوں میں ملوث تھے۔

عدالت نے کیس کی سماعت کے دوران فریقین کے دلائل سننے کے بعد فیصلہ محفوظ کر لیا، وکلا نے عدالت کو بتایا کہ مقدمے میں اہم شواہد پیش کئے جا چکے ہیں، آئندہ سماعت پر فیصلہ سنائے جانے کا امکان ہے۔

خبر نمبر 18
واقعہ

تاجروں نے بجلی کی طویل لوڈ شیڈنگ کے خلاف احتجاج کیا اور مطالبہ کیا کہ کاروباری اوقات میں بجلی کی فراہمی یقینی بنائی جائے، بصورت دیگر احتجاج کا دائرہ وسیع کر دیا جائے گا۔

شہر میں بارش کے بعد مختلف علاقوں میں پانی جمع ہو گیا جس کے باعث شہریوں کو شدید مشکلات کا سامنا کرنا پڑا، بلدیہ عظمیٰ کے عملے نے نکاسی آب کا کام شروع کر دیا، انتظامیہ کا کہنا ہے کہ جلد صورتحال معمول پر آ جائے گی۔

ٹی ٹی پی میں تقسیم، امن معاہدہ کرنے کا فیصلہ

کراچی کے مختلف علاقوں میں پولیس نے کارروائی کرتے ہوئے متعدد ملزمان کو گرفتار کر لیا، ملزمان کے قبضے سے اسلحہ اور مسروقہ سامان برآمد ہوا، مقدمات درج کر کے تفتیش شروع کر دی گئی ہے۔ پولیس کے مطابق گرفتار ملزمان شہر میں اسٹریٹ کرائم کی متعدد وارداتوں میں ملوث تھے۔

عدالت نے کیس کی سماعت کے دوران فریقین کے دلائل سننے کے بعد فیصلہ محفوظ کر لیا، وکلا نے عدالت کو بتایا کہ مقدمے میں اہم شواہد پیش کئے جا چکے ہیں، آئندہ سماعت پر فیصلہ سنائے جانے کا امکان ہے۔

کالام میں جھولتے ہوئے سڑک پل سے گزرتے ہوئے 12 سالہ بچہ جاں بحق
حادثے کے بعد علاقے میں سوگ کا سماں، انتظامیہ سے شکایات

وزیراعلیٰ سندھ نے اجلاس کی صدارت کرتے ہوئے ہدایت کی کہ ترقیاتی منصوبوں کو مقررہ وقت میں مکمل کیا جائے، شہریوں کو بنیادی سہولیات کی فراہمی حکومت کی اولین ترجیح ہے۔

محکمہ صحت کے مطابق شہر کے اسپتالوں میں مریضوں کی تعداد میں اضافہ ہوا ہے، ڈاکٹروں نے شہریوں کو احتیاطی تدابیر اختیار کرنے اور صاف پانی استعمال کرنے کی ہدایت کی ہے۔

شہر میں بارش کے بعد مختلف علاقوں میں پانی جمع ہو گیا جس کے باعث شہریوں کو شدید مشکلات کا سامنا کرنا پڑا، بلدیہ عظمیٰ کے عملے نے نکاسی آب کا کام شروع کر دیا، انتظامیہ کا کہنا ہے کہ جلد صورتحال معمول پر آ جائے گی۔

خبر نمبر 19
پورٹ قاسم

تاجروں نے بجلی کی طویل لوڈ شیڈنگ کے خلاف احتجاج کیا اور مطالبہ کیا کہ کاروباری اوقات میں بجلی کی فراہمی یقینی بنائی جائے، بصورت دیگر احتجاج کا دائرہ وسیع کر دیا جائے گا۔

کراچی کے مختلف علاقوں میں پولیس نے کارروائی کرتے ہوئے متعدد ملزمان کو گرفتار کر لیا، ملزمان کے قبضے سے اسلحہ اور مسروقہ سامان برآمد ہوا، مقدمات درج کر کے تفتیش شروع کر دی گئی ہے۔ پولیس کے مطابق گرفتار ملزمان شہر میں اسٹریٹ کرائم کی متعدد وارداتوں میں ملوث تھے۔

عدالت نے کیس کی سماعت کے دوران فریقین کے دلائل سننے کے بعد فیصلہ محفوظ کر لیا، وکلا نے عدالت کو بتایا کہ مقدمے میں اہم شواہد پیش کئے جا چکے ہیں، آئندہ سماعت پر فیصلہ سنائے جانے کا امکان ہے۔

وزیراعلیٰ سندھ نے اجلاس کی صدارت کرتے ہوئے ہدایت کی کہ ترقیاتی منصوبوں کو مقررہ وقت میں مکمل کیا جائے، شہریوں کو بنیادی سہولیات کی فراہمی حکومت کی اولین ترجیح ہے۔

محکمہ صحت کے مطابق شہر کے اسپتالوں میں مریضوں کی تعداد میں اضافہ ہوا ہے، ڈاکٹروں نے شہریوں کو احتیاطی تدابیر اختیار کرنے اور صاف پانی استعمال کرنے کی ہدایت کی ہے۔

شہر میں بارش کے بعد مختلف علاقوں میں پانی جمع ہو گیا جس کے باعث شہریوں کو شدید مشکلات کا سامنا کرنا پڑا، بلدیہ عظمیٰ کے عملے نے نکاسی آب کا کام شروع کر دیا، انتظامیہ کا کہنا ہے کہ جلد صورتحال معمول پر آ جائے گی۔

تاجروں نے بجلی کی طویل لوڈ شیڈنگ کے خلاف احتجاج کیا اور مطالبہ کیا کہ کاروباری اوقات میں بجلی کی فراہمی یقینی بنائی جائے، بصورت دیگر احتجاج کا دائرہ وسیع کر دیا جائے گا۔

شہر میں پولیس کی کارروائیاں، درجنوں ملزمان گرفتار

کراچی کے مختلف علاقوں میں پولیس نے کارروائی کرتے ہوئے متعدد ملزمان کو گرفتار کر لیا، ملزمان کے قبضے سے اسلحہ اور مسروقہ سامان برآمد ہوا، مقدمات درج کر کے تفتیش شروع کر دی گئی ہے۔ پولیس کے مطابق گرفتار ملزمان شہر میں اسٹریٹ کرائم کی متعدد وارداتوں میں ملوث تھے۔

عدالت نے کیس کی سماعت کے دوران فریقین کے دلائل سننے کے بعد فیصلہ محفوظ کر لیا، وکلا نے عدالت کو بتایا کہ مقدمے میں اہم شواہد پیش کئے جا چکے ہیں، آئندہ سماعت پر فیصلہ سنائے جانے کا امکان ہے۔

خبر نمبر 20
قرعہ اندازی

وزیراعلیٰ سندھ نے اجلاس کی صدارت کرتے ہوئے ہدایت کی کہ ترقیاتی منصوبوں کو مقررہ وقت میں مکمل کیا جائے، شہریوں کو بنیادی سہولیات کی فراہمی حکومت کی اولین ترجیح ہے۔

محکمہ صحت کے مطابق شہر کے اسپتالوں میں مریضوں کی تعداد میں اضافہ ہوا ہے، ڈاکٹروں نے شہریوں کو احتیاطی تدابیر اختیار کرنے اور صاف پانی استعمال کرنے کی ہدایت کی ہے۔

تاجروں نے بجلی کی طویل لوڈ شیڈنگ کے خلاف احتجاج کیا اور مطالبہ کیا کہ کاروباری اوقات میں بجلی کی فراہمی یقینی بنائی جائے، بصورت دیگر احتجاج کا دائرہ وسیع کر دیا جائے گا۔

شہر میں بارش کے بعد مختلف علاقوں میں پانی جمع ہو گیا جس کے باعث شہریوں کو شدید مشکلات کا سامنا کرنا پڑا، بلدیہ عظمیٰ کے عملے نے نکاسی آب کا کام شروع کر دیا، انتظامیہ کا کہنا ہے کہ جلد صورتحال معمول پر آ جائے گی۔

وزیراعلیٰ سندھ نے اجلاس کی صدارت کرتے ہوئے ہدایت کی کہ ترقیاتی منصوبوں کو مقررہ وقت میں مکمل کیا جائے، شہریوں کو بنیادی سہولیات کی فراہمی حکومت کی اولین ترجیح ہے۔

خبر نمبر 21
شاہراہ فیصل

کراچی کے مختلف علاقوں میں پولیس نے کارروائی کرتے ہوئے متعدد ملزمان کو گرفتار کر لیا، ملزمان کے قبضے سے اسلحہ اور مسروقہ سامان برآمد ہوا، مقدمات درج کر کے تفتیش شروع کر دی گئی ہے۔ پولیس کے مطابق گرفتار ملزمان شہر میں اسٹریٹ کرائم کی متعدد وارداتوں میں ملوث تھے۔

عدالت نے کیس کی سماعت کے دوران فریقین کے دلائل سننے کے بعد فیصلہ محفوظ کر لیا، وکلا نے عدالت کو بتایا کہ مقدمے میں اہم شواہد پیش کئے جا چکے ہیں، آئندہ سماعت پر فیصلہ سنائے جانے کا امکان ہے۔

خبر نمبر 22
عدالت عظمیٰ

محکمہ صحت کے مطابق شہر کے اسپتالوں میں مریضوں کی تعداد میں اضافہ ہوا ہے، ڈاکٹروں نے شہریوں کو احتیاطی تدابیر اختیار کرنے اور صاف پانی استعمال کرنے کی ہدایت کی ہے۔

تاجروں نے بجلی کی طویل لوڈ شیڈنگ کے خلاف احتجاج کیا اور مطالبہ کیا کہ کاروباری اوقات میں بجلی کی فراہمی یقینی بنائی جائے، بصورت دیگر احتجاج کا دائرہ وسیع کر دیا جائے گا۔

خبر نمبر 23
مقدمہ سماعت

شہر میں بارش کے بعد مختلف علاقوں میں پانی جمع ہو گیا جس کے باعث شہریوں کو شدید مشکلات کا سامنا کرنا پڑا، بلدیہ عظمیٰ کے عملے نے نکاسی آب کا کام شروع کر دیا، انتظامیہ کا کہنا ہے کہ جلد صورتحال معمول پر آ جائے گی۔

وزیراعلیٰ سندھ نے اجلاس کی صدارت کرتے ہوئے ہدایت کی کہ ترقیاتی منصوبوں کو مقررہ وقت میں مکمل کیا جائے، شہریوں کو بنیادی سہولیات کی فراہمی حکومت کی اولین ترجیح ہے۔

کراچی کے مختلف علاقوں میں پولیس نے کارروائی کرتے ہوئے متعدد ملزمان کو گرفتار کر لیا، ملزمان کے قبضے سے اسلحہ اور مسروقہ سامان برآمد ہوا، مقدمات درج کر کے تفتیش شروع کر دی گئی ہے۔ پولیس کے مطابق گرفتار ملزمان شہر میں اسٹریٹ کرائم کی متعدد وارداتوں میں ملوث تھے۔

عدالت نے کیس کی سماعت کے دوران فریقین کے دلائل سننے کے بعد فیصلہ محفوظ کر لیا، وکلا نے عدالت کو بتایا کہ مقدمے میں اہم شواہد پیش کئے جا چکے ہیں، آئندہ سماعت پر فیصلہ سنائے جانے کا امکان ہے۔

خبر نمبر 24
شہر قائد

محکمہ صحت کے مطابق شہر کے اسپتالوں میں مریضوں کی تعداد میں اضافہ ہوا ہے، ڈاکٹروں نے شہریوں کو احتیاطی تدابیر اختیار کرنے اور صاف پانی استعمال کرنے کی ہدایت کی ہے۔

تاجروں نے بجلی کی طویل لوڈ شیڈنگ کے خلاف احتجاج کیا اور مطالبہ کیا کہ کاروباری اوقات میں بجلی کی فراہمی یقینی بنائی جائے، بصورت دیگر احتجاج کا دائرہ وسیع کر دیا جائے گا۔

خبر نمبر 25
قیمتوں میں اضافہ

شہر میں بارش کے بعد مختلف علاقوں میں پانی جمع ہو گیا جس کے باعث شہریوں کو شدید مشکلات کا سامنا کرنا پڑا، بلدیہ عظمیٰ کے عملے نے نکاسی آب کا کام شروع کر دیا، انتظامیہ کا کہنا ہے کہ جلد صورتحال معمول پر آ جائے گی۔

وزیراعلیٰ سندھ نے اجلاس کی صدارت کرتے ہوئے ہدایت کی کہ ترقیاتی منصوبوں کو مقررہ وقت میں مکمل کیا جائے، شہریوں کو بنیادی سہولیات کی فراہمی حکومت کی اولین ترجیح ہے۔

خبر نمبر 26
تحقیقات

کراچی کے مختلف علاقوں میں پولیس نے کارروائی کرتے ہوئے متعدد ملزمان کو گرفتار کر لیا، ملزمان کے قبضے سے اسلحہ اور مسروقہ سامان برآمد ہوا، مقدمات درج کر کے تفتیش شروع کر دی گئی ہے۔ پولیس کے مطابق گرفتار ملزمان شہر میں اسٹریٹ کرائم کی متعدد وارداتوں میں ملوث تھے۔

تنازعات، آفات اور معاشی زبوں حالی سے عالمی ترقیاتی عمل متاثر
پاکستان کو ترقی کے لئے سرگرمیوں میں تیزی لانے کی ضرورت ہے

عدالت نے کیس کی سماعت کے دوران فریقین کے دلائل سننے کے بعد فیصلہ محفوظ کر لیا، وکلا نے عدالت کو بتایا کہ مقدمے میں اہم شواہد پیش کئے جا چکے ہیں، آئندہ سماعت پر فیصلہ سنائے جانے کا امکان ہے۔

جنوبی کوریا میں ہر روز 60 سے زائد معمر افراد کی تنہائی میں اموات

کراچی کے مختلف علاقوں میں پولیس نے کارروائی کرتے ہوئے متعدد ملزمان کو گرفتار کر لیا، ملزمان کے قبضے سے اسلحہ اور مسروقہ سامان برآمد ہوا، مقدمات درج کر کے تفتیش شروع کر دی گئی ہے۔ پولیس کے مطابق گرفتار ملزمان شہر میں اسٹریٹ کرائم کی متعدد وارداتوں میں ملوث تھے۔

تاجروں نے بجلی کی طویل لوڈ شیڈنگ کے خلاف احتجاج کیا اور مطالبہ کیا کہ کاروباری اوقات میں بجلی کی فراہمی یقینی بنائی جائے، بصورت دیگر احتجاج کا دائرہ وسیع کر دیا جائے گا۔

شہر میں بارش کے بعد مختلف علاقوں میں پانی جمع ہو گیا جس کے باعث شہریوں کو شدید مشکلات کا سامنا کرنا پڑا، بلدیہ عظمیٰ کے عملے نے نکاسی آب کا کام شروع کر دیا، انتظامیہ کا کہنا ہے کہ جلد صورتحال معمول پر آ جائے گی۔

خبر نمبر 27
احتجاج

وزیراعلیٰ سندھ نے اجلاس کی صدارت کرتے ہوئے ہدایت کی کہ ترقیاتی منصوبوں کو مقررہ وقت میں مکمل کیا جائے، شہریوں کو بنیادی سہولیات کی فراہمی حکومت کی اولین ترجیح ہے۔

محکمہ صحت کے مطابق شہر کے اسپتالوں میں مریضوں کی تعداد میں اضافہ ہوا ہے، ڈاکٹروں نے شہریوں کو احتیاطی تدابیر اختیار کرنے اور صاف پانی استعمال کرنے کی ہدایت کی ہے۔

عدالت نے کیس کی سماعت کے دوران فریقین کے دلائل سننے کے بعد فیصلہ محفوظ کر لیا، وکلا نے عدالت کو بتایا کہ مقدمے میں اہم شواہد پیش کئے جا چکے ہیں، آئندہ سماعت پر فیصلہ سنائے جانے کا امکان ہے۔

کراچی کے مختلف علاقوں میں پولیس نے کارروائی کرتے ہوئے متعدد ملزمان کو گرفتار کر لیا، ملزمان کے قبضے سے اسلحہ اور مسروقہ سامان برآمد ہوا، مقدمات درج کر کے تفتیش شروع کر دی گئی ہے۔ پولیس کے مطابق گرفتار ملزمان شہر میں اسٹریٹ کرائم کی متعدد وارداتوں میں ملوث تھے۔

تاجروں نے بجلی کی طویل لوڈ شیڈنگ کے خلاف احتجاج کیا اور مطالبہ کیا کہ کاروباری اوقات میں بجلی کی فراہمی یقینی بنائی جائے، بصورت دیگر احتجاج کا دائرہ وسیع کر دیا جائے گا۔

شہر میں بارش کے بعد مختلف علاقوں میں پانی جمع ہو گیا جس کے باعث شہریوں کو شدید مشکلات کا سامنا کرنا پڑا، بلدیہ عظمیٰ کے عملے نے نکاسی آب کا کام شروع کر دیا، انتظامیہ کا کہنا ہے کہ جلد صورتحال معمول پر آ جائے گی۔

خبر نمبر 28
نیا قانون

وزیراعلیٰ سندھ نے اجلاس کی صدارت کرتے ہوئے ہدایت کی کہ ترقیاتی منصوبوں کو مقررہ وقت میں مکمل کیا جائے، شہریوں کو بنیادی سہولیات کی فراہمی حکومت کی اولین ترجیح ہے۔

محکمہ صحت کے مطابق شہر کے اسپتالوں میں مریضوں کی تعداد میں اضافہ ہوا ہے، ڈاکٹروں نے شہریوں کو احتیاطی تدابیر اختیار کرنے اور صاف پانی استعمال کرنے کی ہدایت کی ہے۔

خبر نمبر 29
جلسہ عام

عدالت نے کیس کی سماعت کے دوران فریقین کے دلائل سننے کے بعد فیصلہ محفوظ کر لیا، وکلا نے عدالت کو بتایا کہ مقدمے میں اہم شواہد پیش کئے جا چکے ہیں، آئندہ سماعت پر فیصلہ سنائے جانے کا امکان ہے۔

کراچی کے مختلف علاقوں میں پولیس نے کارروائی کرتے ہوئے متعدد ملزمان کو گرفتار کر لیا، ملزمان کے قبضے سے اسلحہ اور مسروقہ سامان برآمد ہوا، مقدمات درج کر کے تفتیش شروع کر دی گئی ہے۔ پولیس کے مطابق گرفتار ملزمان شہر میں اسٹریٹ کرائم کی متعدد وارداتوں میں ملوث تھے۔
